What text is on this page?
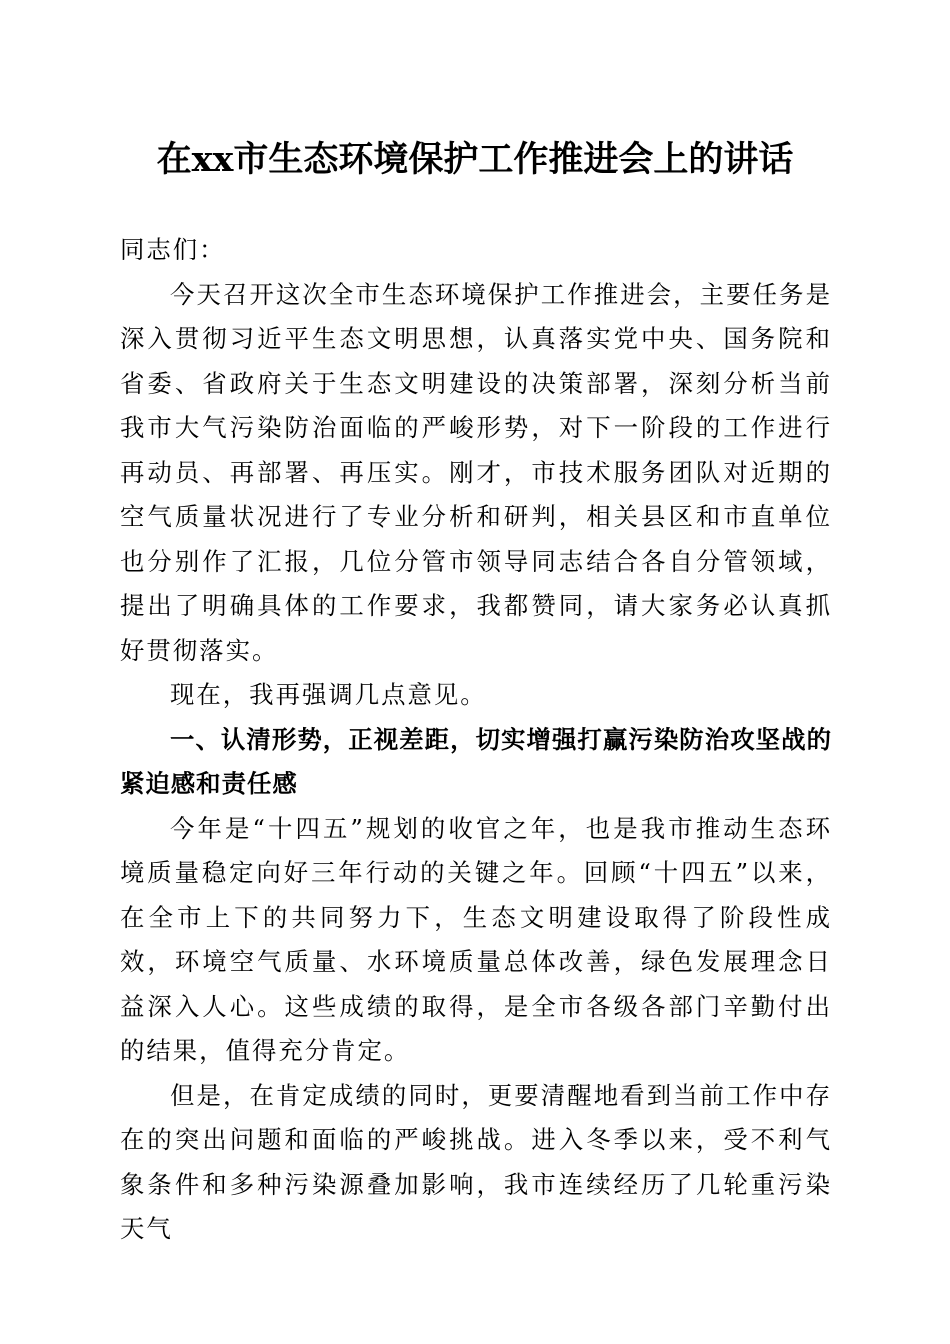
在xx市生态环境保护工作推进会上的讲话

同志们：

今天召开这次全市生态环境保护工作推进会，主要任务是深入贯彻习近平生态文明思想，认真落实党中央、国务院和省委、省政府关于生态文明建设的决策部署，深刻分析当前我市大气污染防治面临的严峻形势，对下一阶段的工作进行再动员、再部署、再压实。刚才，市技术服务团队对近期的空气质量状况进行了专业分析和研判，相关县区和市直单位也分别作了汇报，几位分管市领导同志结合各自分管领域，提出了明确具体的工作要求，我都赞同，请大家务必认真抓好贯彻落实。

现在，我再强调几点意见。

一、认清形势，正视差距，切实增强打赢污染防治攻坚战的紧迫感和责任感

今年是“十四五”规划的收官之年，也是我市推动生态环境质量稳定向好三年行动的关键之年。回顾“十四五”以来，在全市上下的共同努力下，生态文明建设取得了阶段性成效，环境空气质量、水环境质量总体改善，绿色发展理念日益深入人心。这些成绩的取得，是全市各级各部门辛勤付出的结果，值得充分肯定。

但是，在肯定成绩的同时，更要清醒地看到当前工作中存在的突出问题和面临的严峻挑战。进入冬季以来，受不利气象条件和多种污染源叠加影响，我市连续经历了几轮重污染天气
